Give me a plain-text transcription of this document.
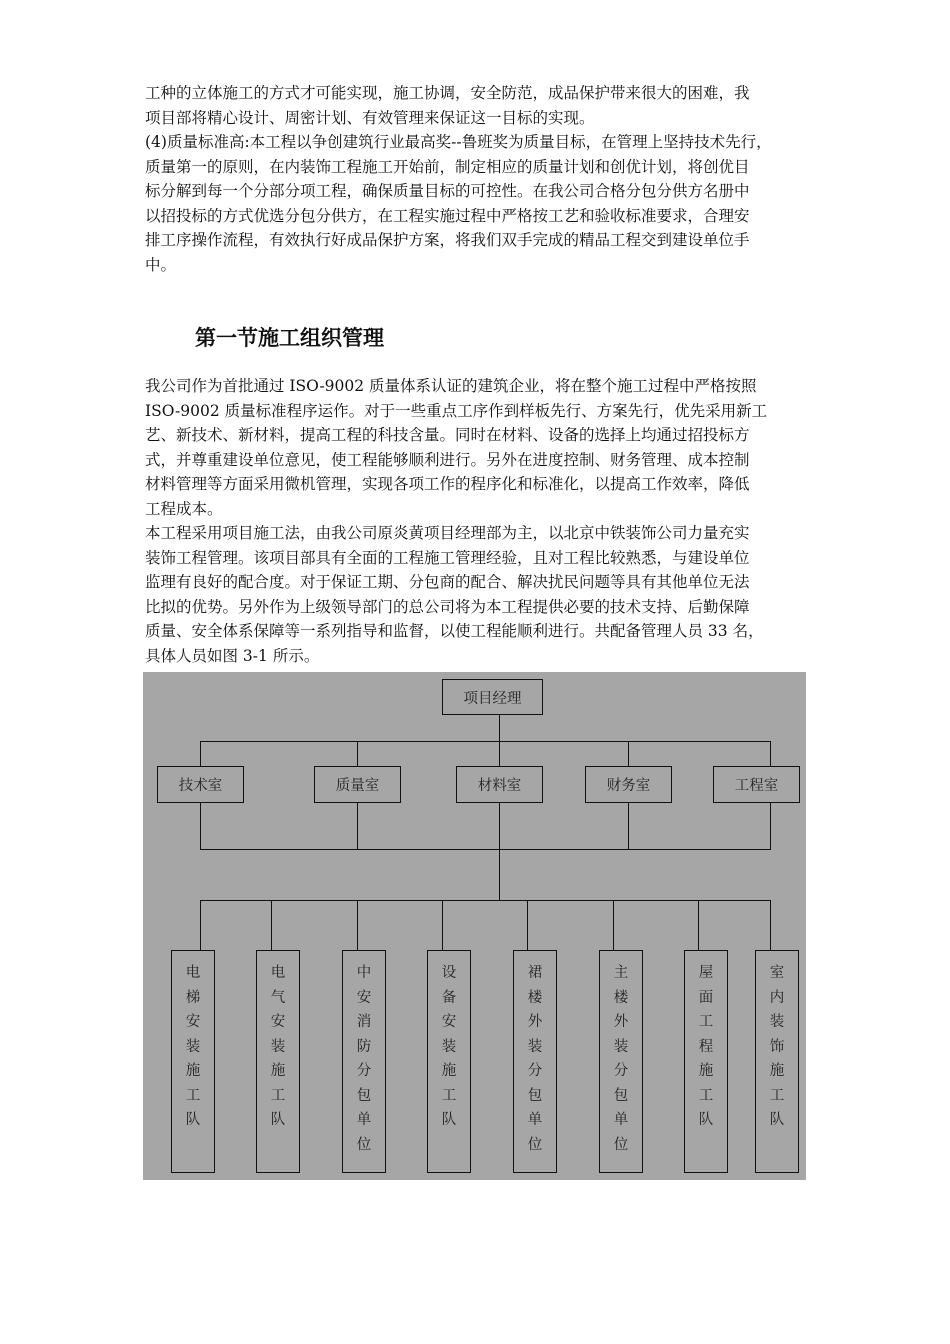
工种的立体施工的方式才可能实现，施工协调，安全防范，成品保护带来很大的困难，我
项目部将精心设计、周密计划、有效管理来保证这一目标的实现。

(4)质量标准高:本工程以争创建筑行业最高奖--鲁班奖为质量目标，在管理上坚持技术先行，
质量第一的原则，在内装饰工程施工开始前，制定相应的质量计划和创优计划，将创优目
标分解到每一个分部分项工程，确保质量目标的可控性。在我公司合格分包分供方名册中
以招投标的方式优选分包分供方，在工程实施过程中严格按工艺和验收标准要求，合理安
排工序操作流程，有效执行好成品保护方案，将我们双手完成的精品工程交到建设单位手
中。

第一节施工组织管理

我公司作为首批通过 ISO-9002 质量体系认证的建筑企业，将在整个施工过程中严格按照
ISO-9002 质量标准程序运作。对于一些重点工序作到样板先行、方案先行，优先采用新工
艺、新技术、新材料，提高工程的科技含量。同时在材料、设备的选择上均通过招投标方
式，并尊重建设单位意见，使工程能够顺利进行。另外在进度控制、财务管理、成本控制
材料管理等方面采用微机管理，实现各项工作的程序化和标准化，以提高工作效率，降低
工程成本。

本工程采用项目施工法，由我公司原炎黄项目经理部为主，以北京中铁装饰公司力量充实
装饰工程管理。该项目部具有全面的工程施工管理经验，且对工程比较熟悉，与建设单位
监理有良好的配合度。对于保证工期、分包商的配合、解决扰民问题等具有其他单位无法
比拟的优势。另外作为上级领导部门的总公司将为本工程提供必要的技术支持、后勤保障
质量、安全体系保障等一系列指导和监督，以使工程能顺利进行。共配备管理人员 33 名，
具体人员如图 3-1 所示。

项目经理
技术室	质量室	材料室	财务室	工程室
电
梯
安
装
施
工
队
电
气
安
装
施
工
队
中
安
消
防
分
包
单
位
设
备
安
装
施
工
队
裙
楼
外
装
分
包
单
位
主
楼
外
装
分
包
单
位
屋
面
工
程
施
工
队
室
内
装
饰
施
工
队
